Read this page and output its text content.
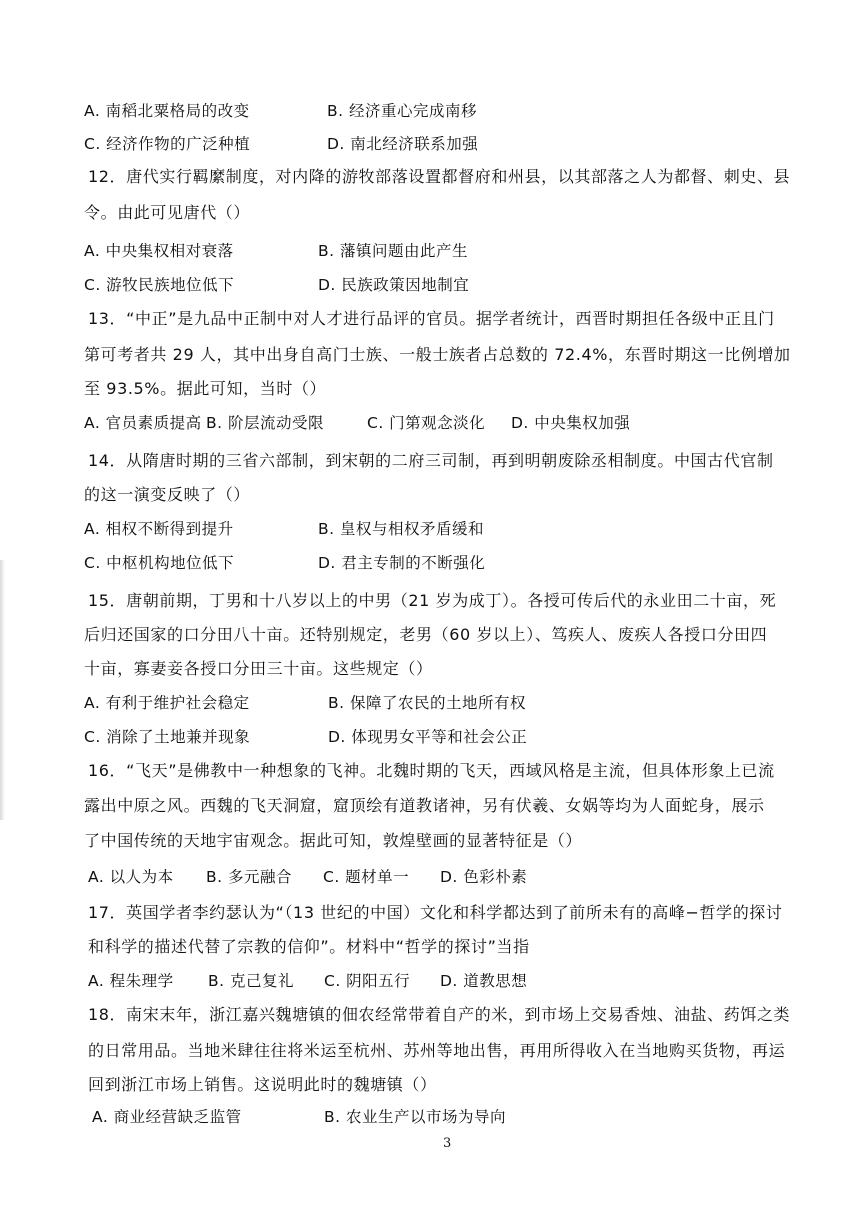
A. 南稻北粟格局的改变	B. 经济重心完成南移
C. 经济作物的广泛种植	D. 南北经济联系加强
12．唐代实行羁縻制度，对内降的游牧部落设置都督府和州县，以其部落之人为都督、刺史、县
令。由此可见唐代（）
A. 中央集权相对衰落	B. 藩镇问题由此产生
C. 游牧民族地位低下	D. 民族政策因地制宜
13．“中正”是九品中正制中对人才进行品评的官员。据学者统计，西晋时期担任各级中正且门
第可考者共 29 人，其中出身自高门士族、一般士族者占总数的 72.4%，东晋时期这一比例增加
至 93.5%。据此可知，当时（）
A. 官员素质提高 B. 阶层流动受限	C. 门第观念淡化 D. 中央集权加强
14．从隋唐时期的三省六部制，到宋朝的二府三司制，再到明朝废除丞相制度。中国古代官制
的这一演变反映了（）
A. 相权不断得到提升	B. 皇权与相权矛盾缓和
C. 中枢机构地位低下	D. 君主专制的不断强化
15．唐朝前期，丁男和十八岁以上的中男（21 岁为成丁）。各授可传后代的永业田二十亩，死
后归还国家的口分田八十亩。还特别规定，老男（60 岁以上）、笃疾人、废疾人各授口分田四
十亩，寡妻妾各授口分田三十亩。这些规定（）
A. 有利于维护社会稳定	B. 保障了农民的土地所有权
C. 消除了土地兼并现象	D. 体现男女平等和社会公正
16．“飞天”是佛教中一种想象的飞神。北魏时期的飞天，西域风格是主流，但具体形象上已流
露出中原之风。西魏的飞天洞窟，窟顶绘有道教诸神，另有伏羲、女娲等均为人面蛇身，展示
了中国传统的天地宇宙观念。据此可知，敦煌壁画的显著特征是（）
A. 以人为本 B. 多元融合 C. 题材单一 D. 色彩朴素
17．英国学者李约瑟认为“（13 世纪的中国）文化和科学都达到了前所未有的高峰−哲学的探讨
和科学的描述代替了宗教的信仰”。材料中“哲学的探讨”当指
A. 程朱理学 B. 克己复礼 C. 阴阳五行 D. 道教思想
18．南宋末年，浙江嘉兴魏塘镇的佃农经常带着自产的米，到市场上交易香烛、油盐、药饵之类
的日常用品。当地米肆往往将米运至杭州、苏州等地出售，再用所得收入在当地购买货物，再运
回到浙江市场上销售。这说明此时的魏塘镇（）
A. 商业经营缺乏监管	B. 农业生产以市场为导向
3
